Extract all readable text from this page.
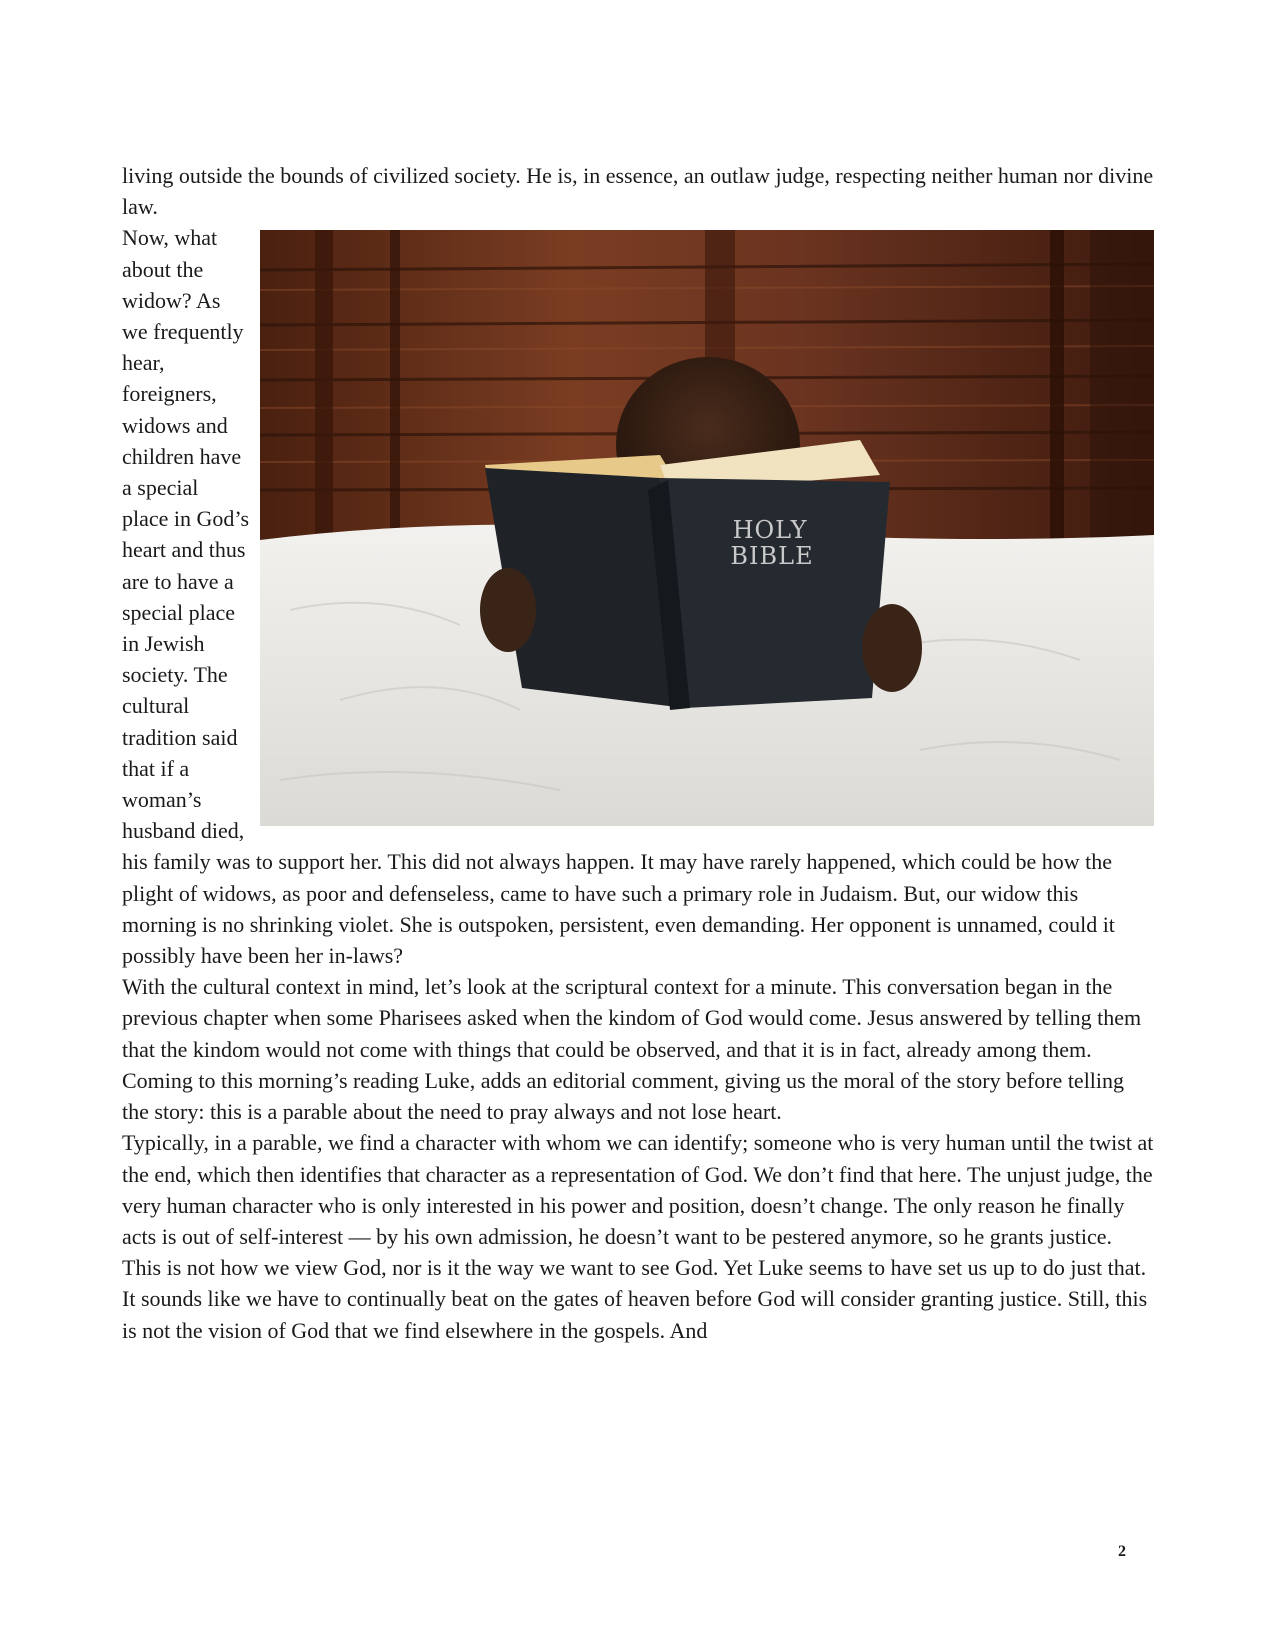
living outside the bounds of civilized society. He is, in essence, an outlaw judge, respecting neither human nor divine law.

HOLY
BIBLE

Now, what about the widow? As we frequently hear, foreigners, widows and children have a special place in God’s heart and thus are to have a special place in Jewish society. The cultural tradition said that if a woman’s husband died, his family was to support her. This did not always happen. It may have rarely happened, which could be how the plight of widows, as poor and defenseless, came to have such a primary role in Judaism. But, our widow this morning is no shrinking violet. She is outspoken, persistent, even demanding. Her opponent is unnamed, could it possibly have been her in-laws?

With the cultural context in mind, let’s look at the scriptural context for a minute. This conversation began in the previous chapter when some Pharisees asked when the kindom of God would come. Jesus answered by telling them that the kindom would not come with things that could be observed, and that it is in fact, already among them.

Coming to this morning’s reading Luke, adds an editorial comment, giving us the moral of the story before telling the story: this is a parable about the need to pray always and not lose heart.

Typically, in a parable, we find a character with whom we can identify; someone who is very human until the twist at the end, which then identifies that character as a representation of God. We don’t find that here. The unjust judge, the very human character who is only interested in his power and position, doesn’t change. The only reason he finally acts is out of self-interest — by his own admission, he doesn’t want to be pestered anymore, so he grants justice.

This is not how we view God, nor is it the way we want to see God. Yet Luke seems to have set us up to do just that. It sounds like we have to continually beat on the gates of heaven before God will consider granting justice. Still, this is not the vision of God that we find elsewhere in the gospels. And

2
